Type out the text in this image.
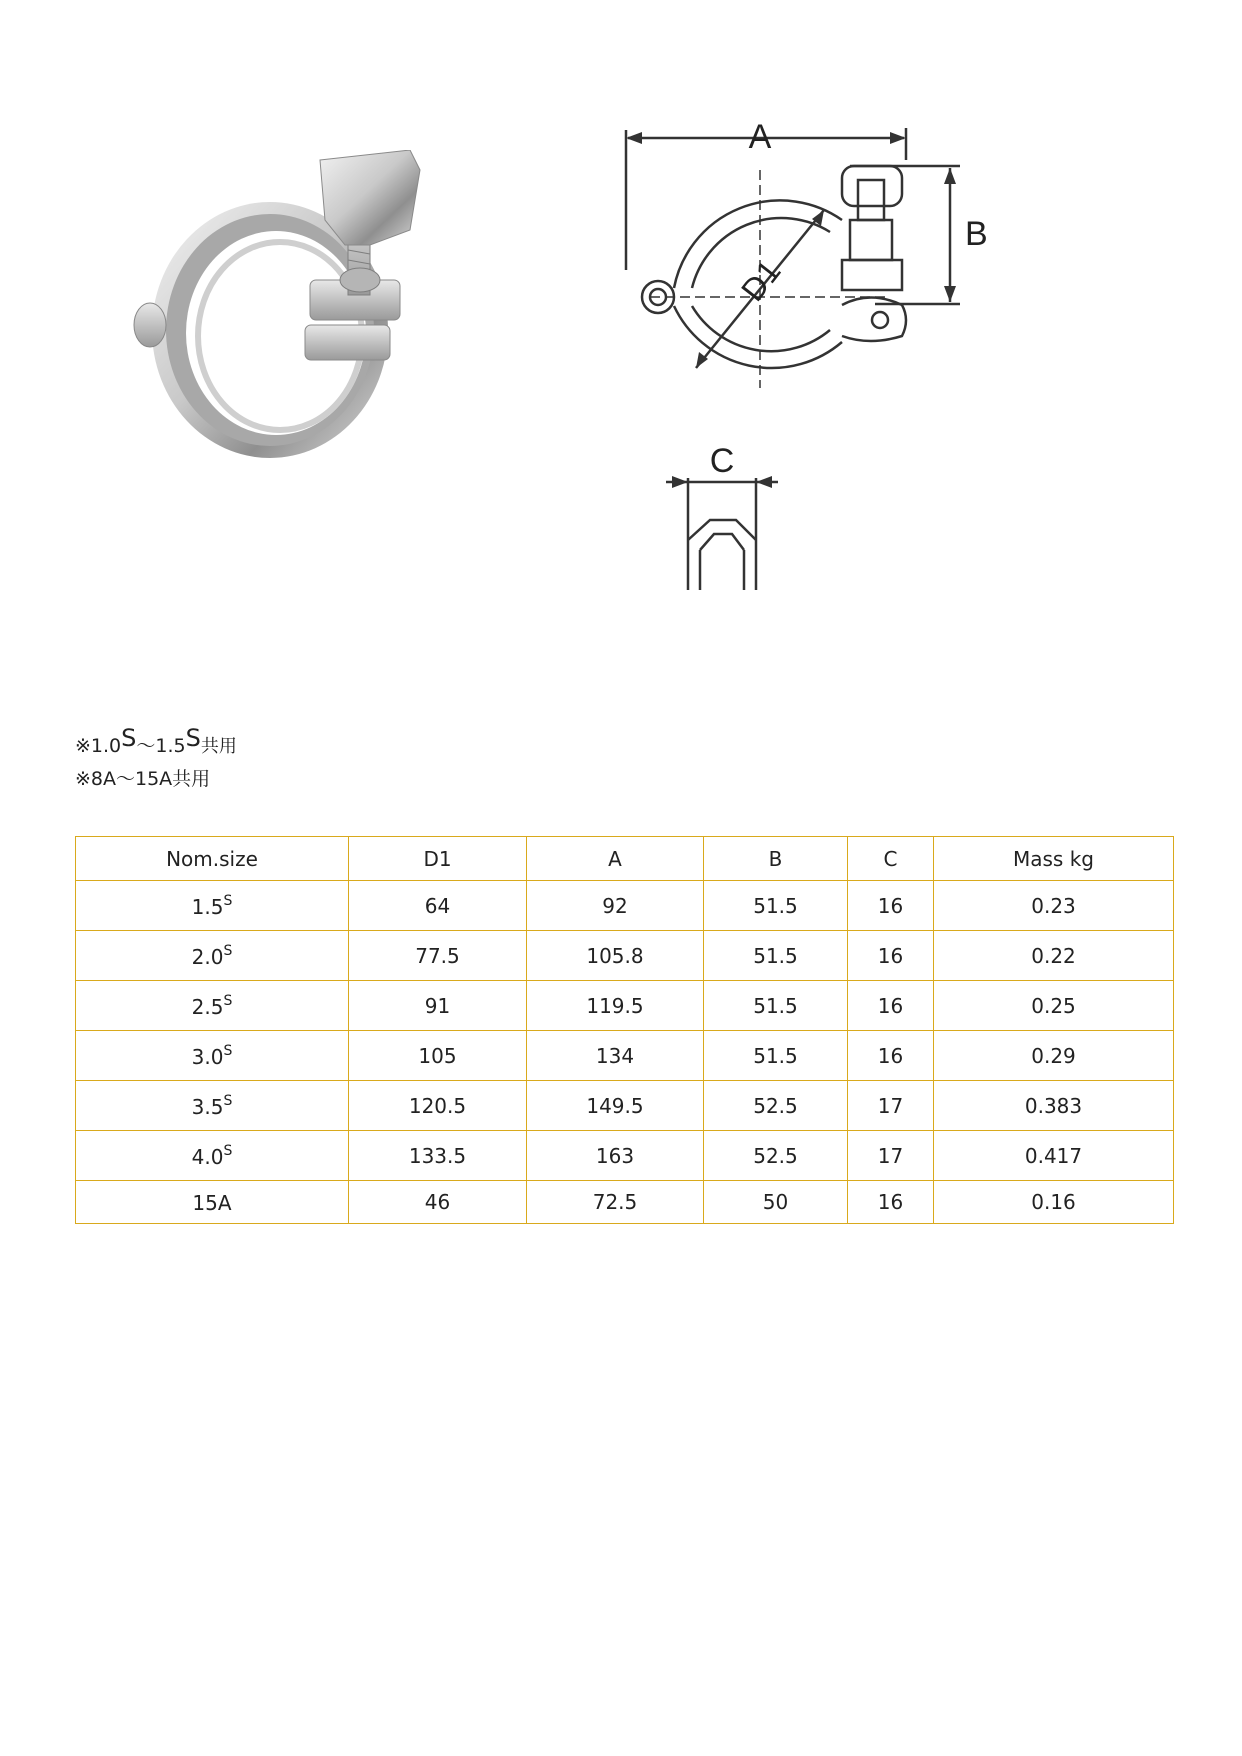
A
B
C
D1
※1.0S～1.5S共用
※8A～15A共用
Nom.size	D1	A	B	C	Mass kg
$1.5^S$	64	92	51.5	16	0.23
$2.0^S$	77.5	105.8	51.5	16	0.22
$2.5^S$	91	119.5	51.5	16	0.25
$3.0^S$	105	134	51.5	16	0.29
$3.5^S$	120.5	149.5	52.5	17	0.383
$4.0^S$	133.5	163	52.5	17	0.417
15A	46	72.5	50	16	0.16
